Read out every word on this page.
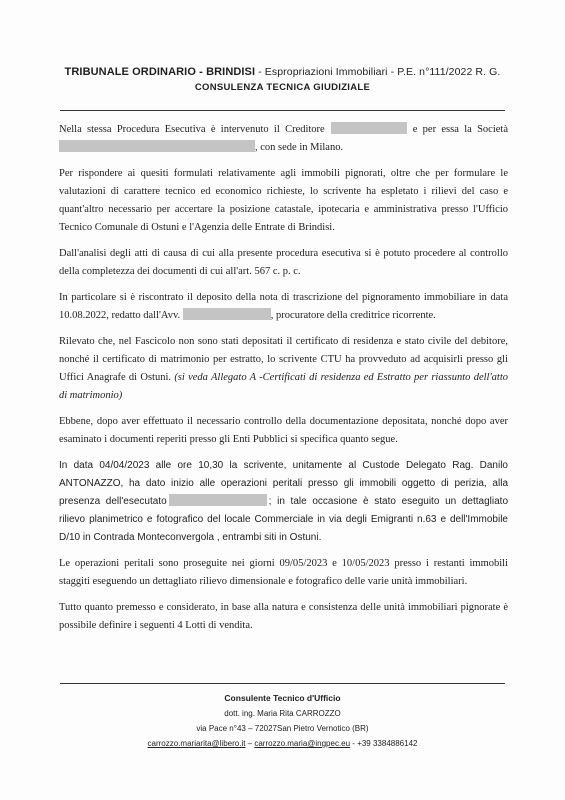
TRIBUNALE ORDINARIO - BRINDISI - Espropriazioni Immobiliari - P.E. n°111/2022 R. G.
CONSULENZA TECNICA GIUDIZIALE

Nella stessa Procedura Esecutiva è intervenuto il Creditore	e per essa la Società , con sede in Milano.

Per rispondere ai quesiti formulati relativamente agli immobili pignorati, oltre che per formulare le valutazioni di carattere tecnico ed economico richieste, lo scrivente ha espletato i rilievi del caso e quant'altro necessario per accertare la posizione catastale, ipotecaria e amministrativa presso l'Ufficio Tecnico Comunale di Ostuni e l'Agenzia delle Entrate di Brindisi.

Dall'analisi degli atti di causa di cui alla presente procedura esecutiva si è potuto procedere al controllo della completezza dei documenti di cui all'art. 567 c. p. c.

In particolare si è riscontrato il deposito della nota di trascrizione del pignoramento immobiliare in data 10.08.2022, redatto dall'Avv.	, procuratore della creditrice ricorrente.

Rilevato che, nel Fascicolo non sono stati depositati il certificato di residenza e stato civile del debitore, nonché il certificato di matrimonio per estratto, lo scrivente CTU ha provveduto ad acquisirli presso gli Uffici Anagrafe di Ostuni. (si veda Allegato A -Certificati di residenza ed Estratto per riassunto dell'atto di matrimonio)

Ebbene, dopo aver effettuato il necessario controllo della documentazione depositata, nonché dopo aver esaminato i documenti reperiti presso gli Enti Pubblici si specifica quanto segue.

In data 04/04/2023 alle ore 10,30 la scrivente, unitamente al Custode Delegato Rag. Danilo ANTONAZZO, ha dato inizio alle operazioni peritali presso gli immobili oggetto di perizia, alla presenza dell'esecutato	; in tale occasione è stato eseguito un dettagliato rilievo planimetrico e fotografico del locale Commerciale in via degli Emigranti n.63 e dell'Immobile D/10 in Contrada Monteconvergola , entrambi siti in Ostuni.

Le operazioni peritali sono proseguite nei giorni 09/05/2023 e 10/05/2023 presso i restanti immobili staggiti eseguendo un dettagliato rilievo dimensionale e fotografico delle varie unità immobiliari.

Tutto quanto premesso e considerato, in base alla natura e consistenza delle unità immobiliari pignorate è possibile definire i seguenti 4 Lotti di vendita.

Consulente Tecnico d'Ufficio
dott. ing. Maria Rita CARROZZO
via Pace n°43 – 72027San Pietro Vernotico (BR)
carrozzo.mariarita@libero.it – carrozzo.maria@ingpec.eu - +39 3384886142
